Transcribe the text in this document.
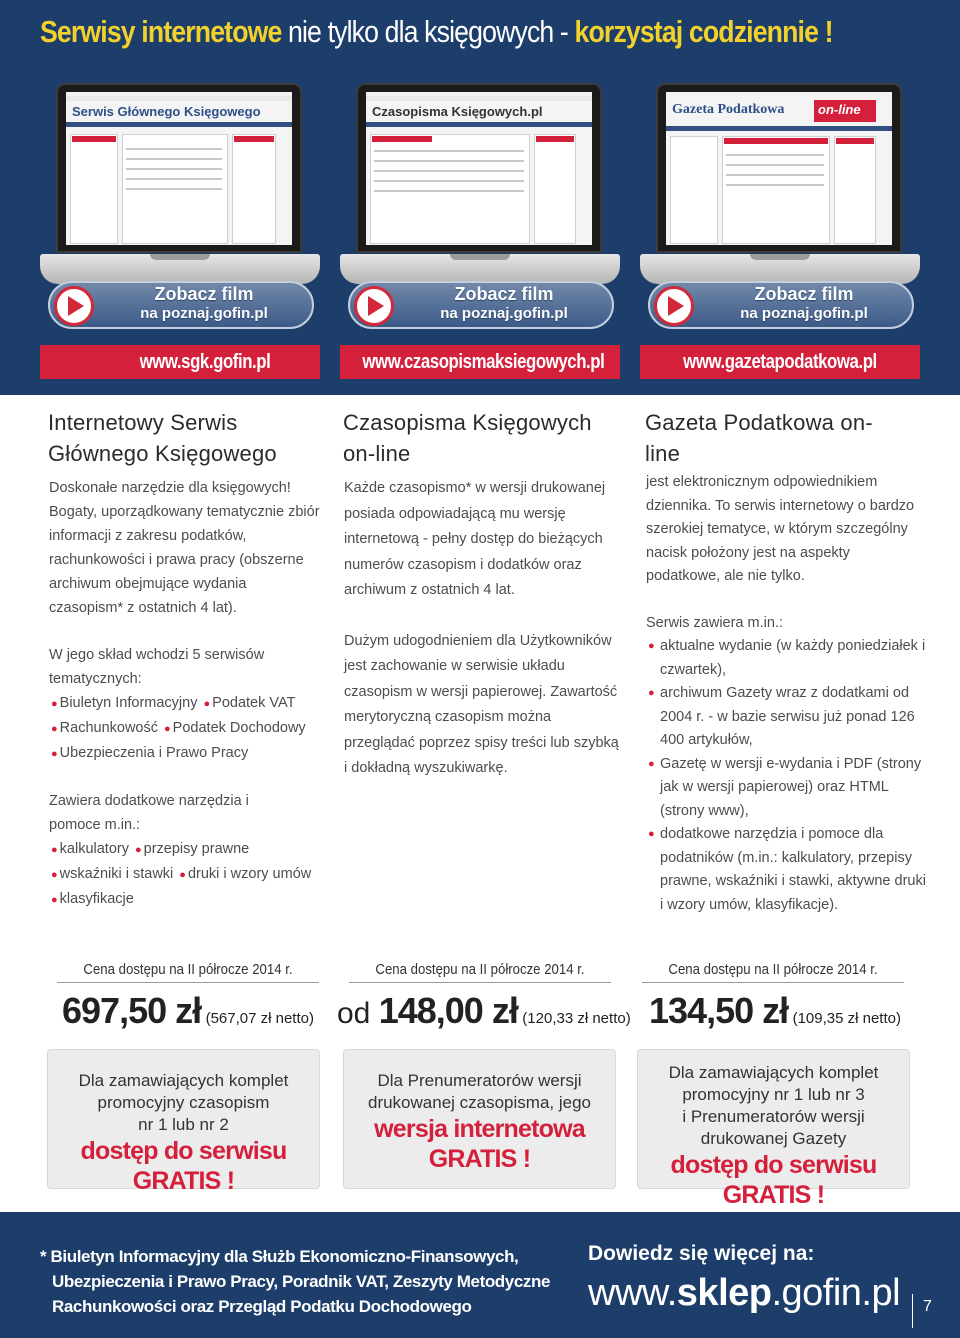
Serwisy internetowe nie tylko dla księgowych - korzystaj codziennie !
Serwis Głównego Księgowego
Zobacz film
na poznaj.gofin.pl
www.sgk.gofin.pl
Czasopisma Księgowych.pl
Zobacz film
na poznaj.gofin.pl
www.czasopismaksiegowych.pl
Gazeta Podatkowa	on-line
Zobacz film
na poznaj.gofin.pl
www.gazetapodatkowa.pl
Internetowy Serwis Głównego Księgowego
Doskonałe narzędzie dla księgowych! Bogaty, uporządkowany tematycznie zbiór informacji z zakresu podatków, rachunkowości i prawa pracy (obszerne archiwum obejmujące wydania czasopism* z ostatnich 4 lat).
W jego skład wchodzi 5 serwisów tematycznych:
● Biuletyn Informacyjny ● Podatek VAT
● Rachunkowość ● Podatek Dochodowy
● Ubezpieczenia i Prawo Pracy
Zawiera dodatkowe narzędzia i pomoce m.in.:
● kalkulatory ● przepisy prawne
● wskaźniki i stawki ● druki i wzory umów ● klasyfikacje
Czasopisma Księgowych on-line
Każde czasopismo* w wersji drukowanej posiada odpowiadającą mu wersję internetową - pełny dostęp do bieżących numerów czasopism i dodatków oraz archiwum z ostatnich 4 lat.
Dużym udogodnieniem dla Użytkowników jest zachowanie w serwisie układu czasopism w wersji papierowej. Zawartość merytoryczną czasopism można przeglądać poprzez spisy treści lub szybką i dokładną wyszukiwarkę.
Gazeta Podatkowa on-line
jest elektronicznym odpowiednikiem dziennika. To serwis internetowy o bardzo szerokiej tematyce, w którym szczególny nacisk położony jest na aspekty podatkowe, ale nie tylko.
Serwis zawiera m.in.:
● aktualne wydanie (w każdy poniedziałek i czwartek),
● archiwum Gazety wraz z dodatkami od 2004 r. - w bazie serwisu już ponad 126 400 artykułów,
● Gazetę w wersji e-wydania i PDF (strony jak w wersji papierowej) oraz HTML (strony www),
● dodatkowe narzędzia i pomoce dla podatników (m.in.: kalkulatory, przepisy prawne, wskaźniki i stawki, aktywne druki i wzory umów, klasyfikacje).
Cena dostępu na II półrocze 2014 r.
697,50 zł (567,07 zł netto)
Cena dostępu na II półrocze 2014 r.
od 148,00 zł (120,33 zł netto)
Cena dostępu na II półrocze 2014 r.
134,50 zł (109,35 zł netto)
Dla zamawiających komplet
promocyjny czasopism
nr 1 lub nr 2
dostęp do serwisu GRATIS !
Dla Prenumeratorów wersji
drukowanej czasopisma, jego
wersja internetowa
GRATIS !
Dla zamawiających komplet
promocyjny nr 1 lub nr 3
i Prenumeratorów wersji
drukowanej Gazety
dostęp do serwisu GRATIS !
* Biuletyn Informacyjny dla Służb Ekonomiczno-Finansowych,
Ubezpieczenia i Prawo Pracy, Poradnik VAT, Zeszyty Metodyczne
Rachunkowości oraz Przegląd Podatku Dochodowego
Dowiedz się więcej na:
www.sklep.gofin.pl 7
